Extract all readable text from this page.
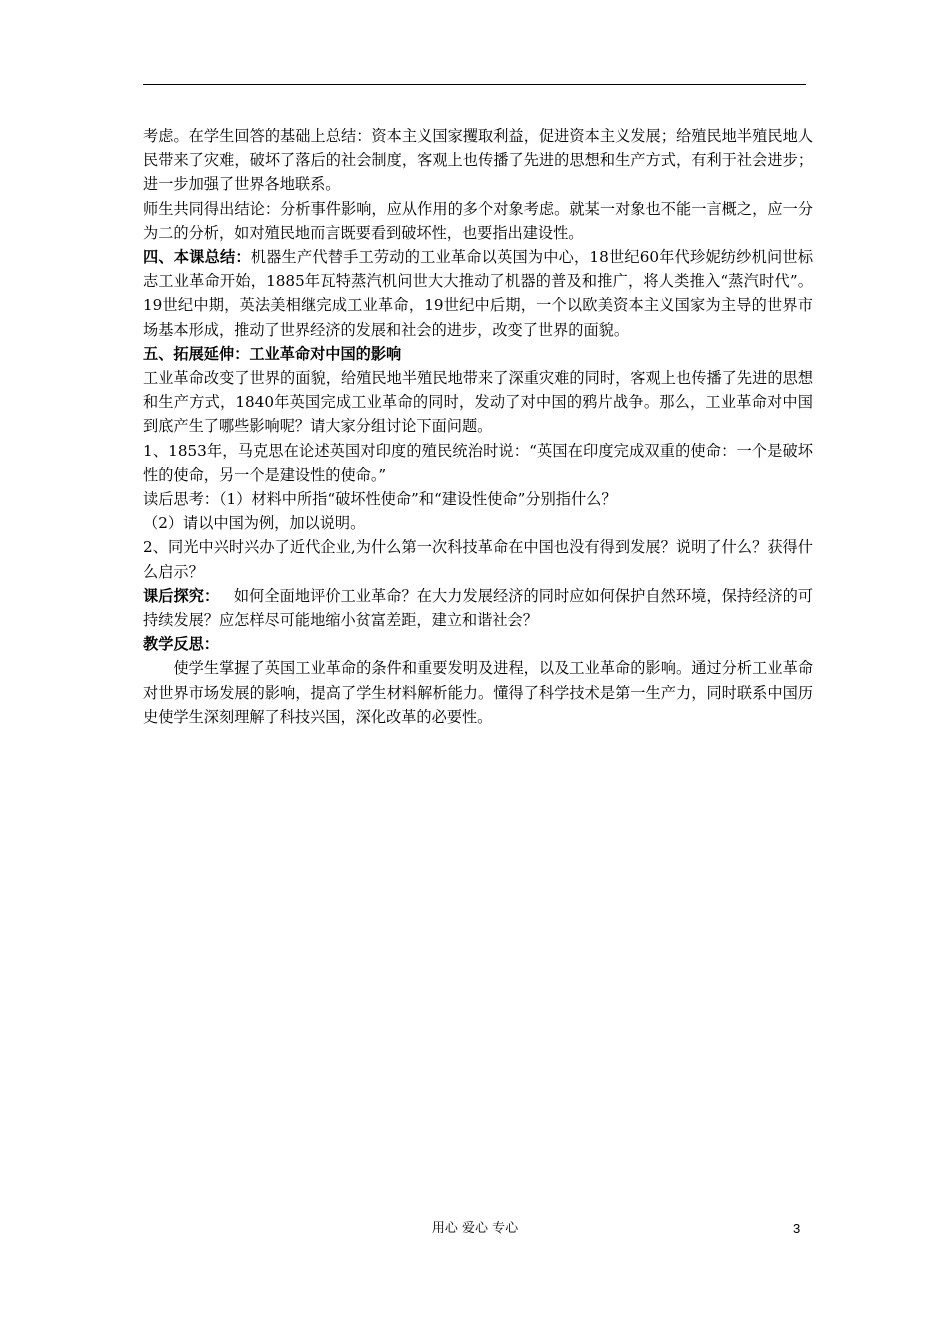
考虑。在学生回答的基础上总结：资本主义国家攫取利益，促进资本主义发展；给殖民地半殖民地人民带来了灾难，破坏了落后的社会制度，客观上也传播了先进的思想和生产方式，有利于社会进步；进一步加强了世界各地联系。

师生共同得出结论：分析事件影响，应从作用的多个对象考虑。就某一对象也不能一言概之，应一分为二的分析，如对殖民地而言既要看到破坏性，也要指出建设性。

四、本课总结：机器生产代替手工劳动的工业革命以英国为中心，18世纪60年代珍妮纺纱机问世标志工业革命开始，1885年瓦特蒸汽机问世大大推动了机器的普及和推广，将人类推入“蒸汽时代”。19世纪中期，英法美相继完成工业革命，19世纪中后期，一个以欧美资本主义国家为主导的世界市场基本形成，推动了世界经济的发展和社会的进步，改变了世界的面貌。

五、拓展延伸：工业革命对中国的影响

工业革命改变了世界的面貌，给殖民地半殖民地带来了深重灾难的同时，客观上也传播了先进的思想和生产方式，1840年英国完成工业革命的同时，发动了对中国的鸦片战争。那么，工业革命对中国到底产生了哪些影响呢？请大家分组讨论下面问题。

1、1853年，马克思在论述英国对印度的殖民统治时说：“英国在印度完成双重的使命：一个是破坏性的使命，另一个是建设性的使命。”

读后思考：（1）材料中所指“破坏性使命”和“建设性使命”分别指什么？

（2）请以中国为例，加以说明。

2、同光中兴时兴办了近代企业,为什么第一次科技革命在中国也没有得到发展？说明了什么？获得什么启示？

课后探究： 如何全面地评价工业革命？在大力发展经济的同时应如何保护自然环境，保持经济的可持续发展？应怎样尽可能地缩小贫富差距，建立和谐社会？

教学反思：

使学生掌握了英国工业革命的条件和重要发明及进程，以及工业革命的影响。通过分析工业革命对世界市场发展的影响，提高了学生材料解析能力。懂得了科学技术是第一生产力，同时联系中国历史使学生深刻理解了科技兴国，深化改革的必要性。

用心 爱心 专心	3
